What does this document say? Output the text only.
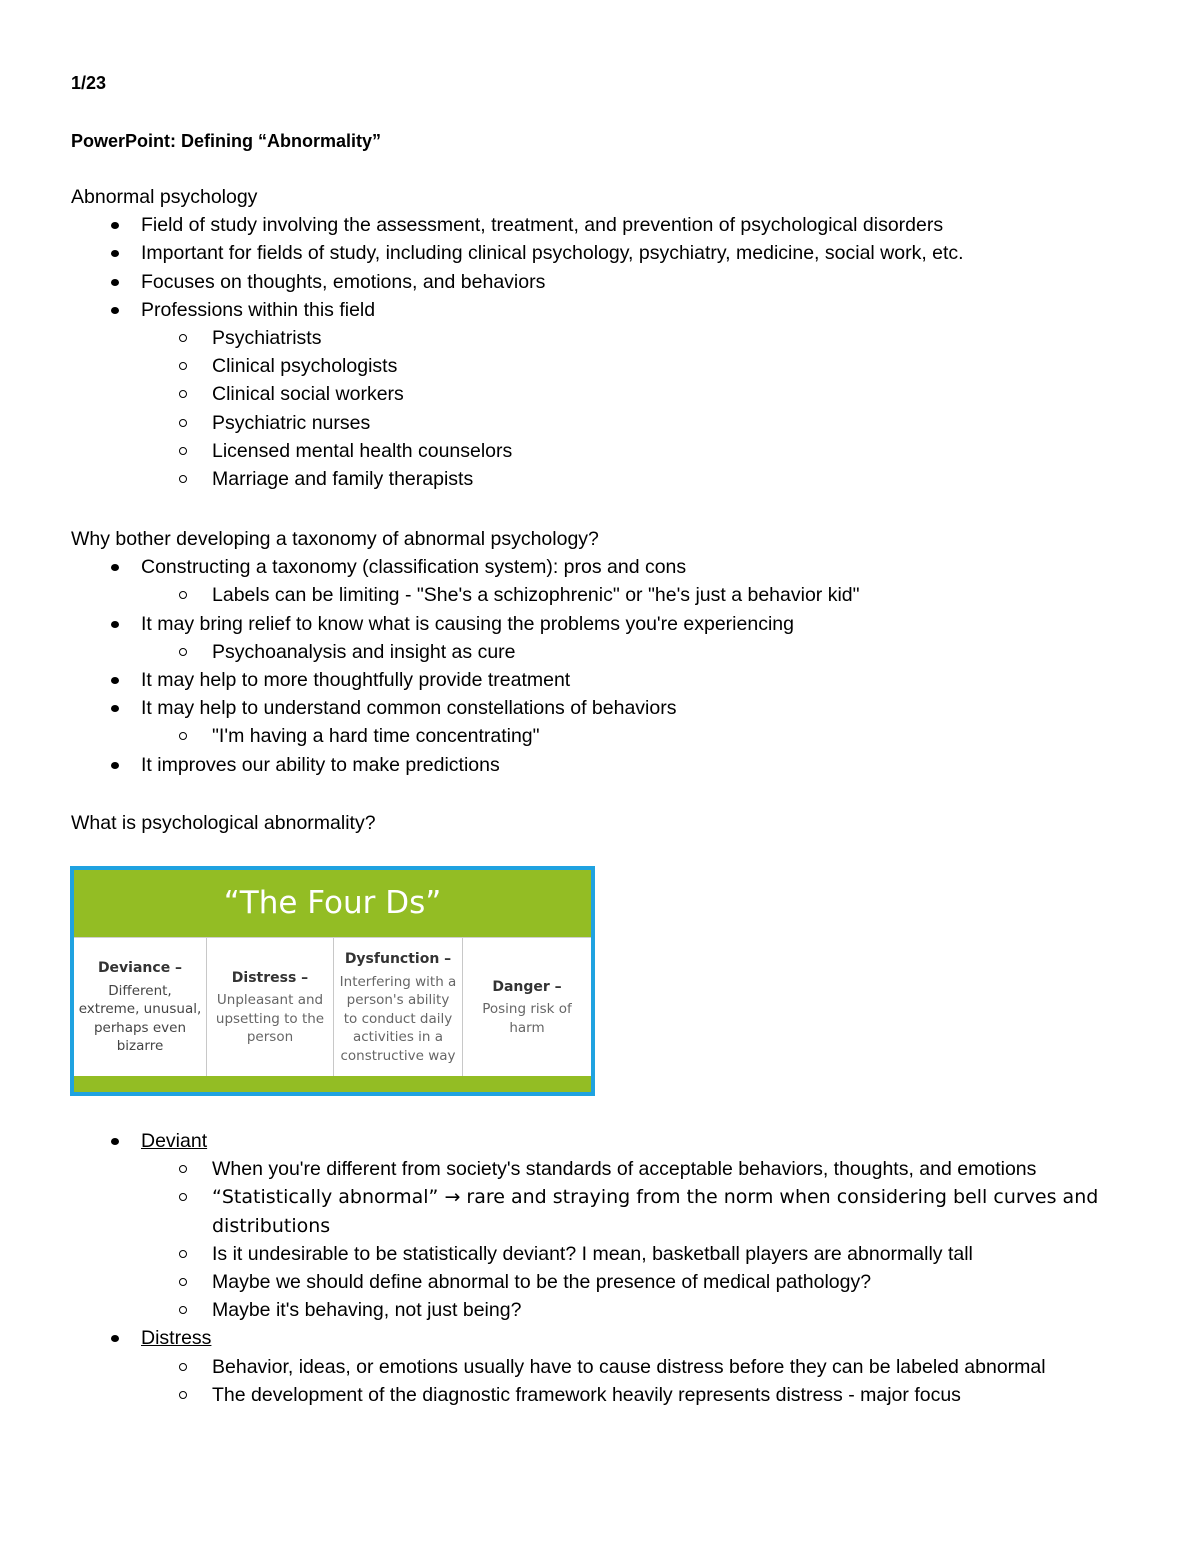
1/23
PowerPoint: Defining “Abnormality”

Abnormal psychology

Field of study involving the assessment, treatment, and prevention of psychological disorders
Important for fields of study, including clinical psychology, psychiatry, medicine, social work, etc.
Focuses on thoughts, emotions, and behaviors
Professions within this field
Psychiatrists
Clinical psychologists
Clinical social workers
Psychiatric nurses
Licensed mental health counselors
Marriage and family therapists

Why bother developing a taxonomy of abnormal psychology?

Constructing a taxonomy (classification system): pros and cons
Labels can be limiting - "She's a schizophrenic" or "he's just a behavior kid"
It may bring relief to know what is causing the problems you're experiencing
Psychoanalysis and insight as cure
It may help to more thoughtfully provide treatment
It may help to understand common constellations of behaviors
"I'm having a hard time concentrating"
It improves our ability to make predictions

What is psychological abnormality?

“The Four Ds”
Deviance –
Different, extreme, unusual, perhaps even bizarre
Distress –
Unpleasant and upsetting to the person
Dysfunction –
Interfering with a person's ability to conduct daily activities in a constructive way
Danger –
Posing risk of harm
Deviant
When you're different from society's standards of acceptable behaviors, thoughts, and emotions
“Statistically abnormal” → rare and straying from the norm when considering bell curves and distributions
Is it undesirable to be statistically deviant? I mean, basketball players are abnormally tall
Maybe we should define abnormal to be the presence of medical pathology?
Maybe it's behaving, not just being?
Distress
Behavior, ideas, or emotions usually have to cause distress before they can be labeled abnormal
The development of the diagnostic framework heavily represents distress - major focus
